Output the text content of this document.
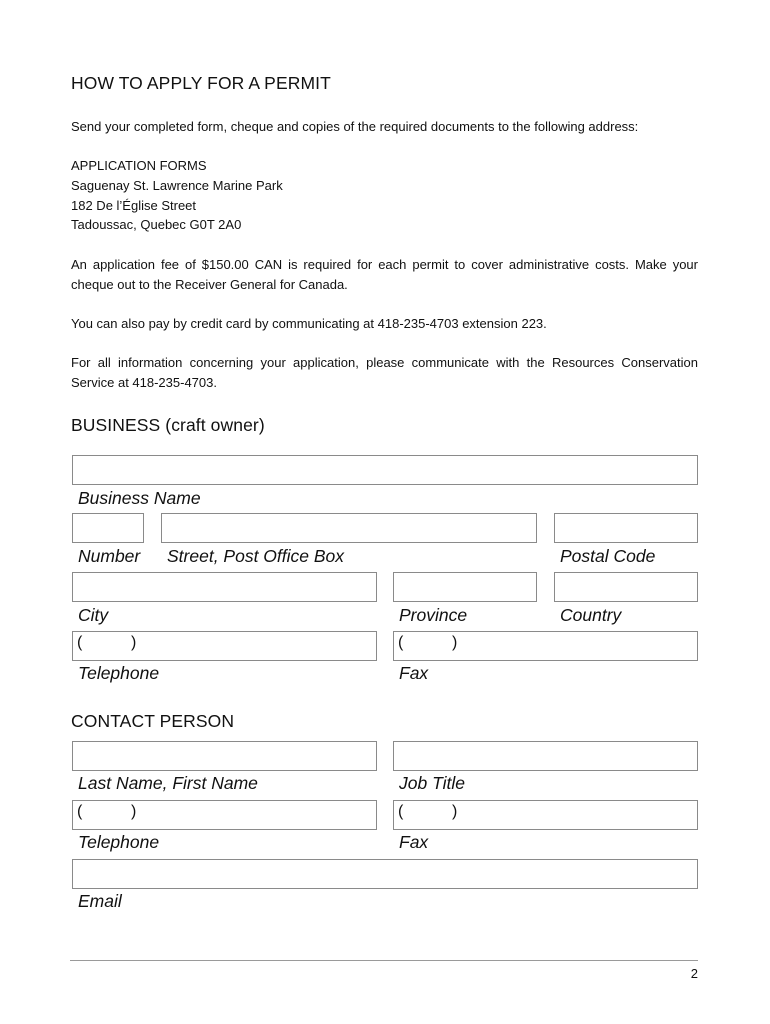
HOW TO APPLY FOR A PERMIT
Send your completed form, cheque and copies of the required documents to the following address:
APPLICATION FORMS
Saguenay St. Lawrence Marine Park
182 De l’Église Street
Tadoussac, Quebec G0T 2A0
An application fee of $150.00 CAN is required for each permit to cover administrative costs. Make your cheque out to the Receiver General for Canada.
You can also pay by credit card by communicating at 418-235-4703 extension 223.
For all information concerning your application, please communicate with the Resources Conservation Service at 418-235-4703.
BUSINESS (craft owner)
Business Name
Number Street, Post Office Box	Postal Code
City	Province	Country
(	)	(	)
Telephone	Fax
CONTACT PERSON
Last Name, First Name	Job Title
(	)	(	)
Telephone	Fax
Email
2
